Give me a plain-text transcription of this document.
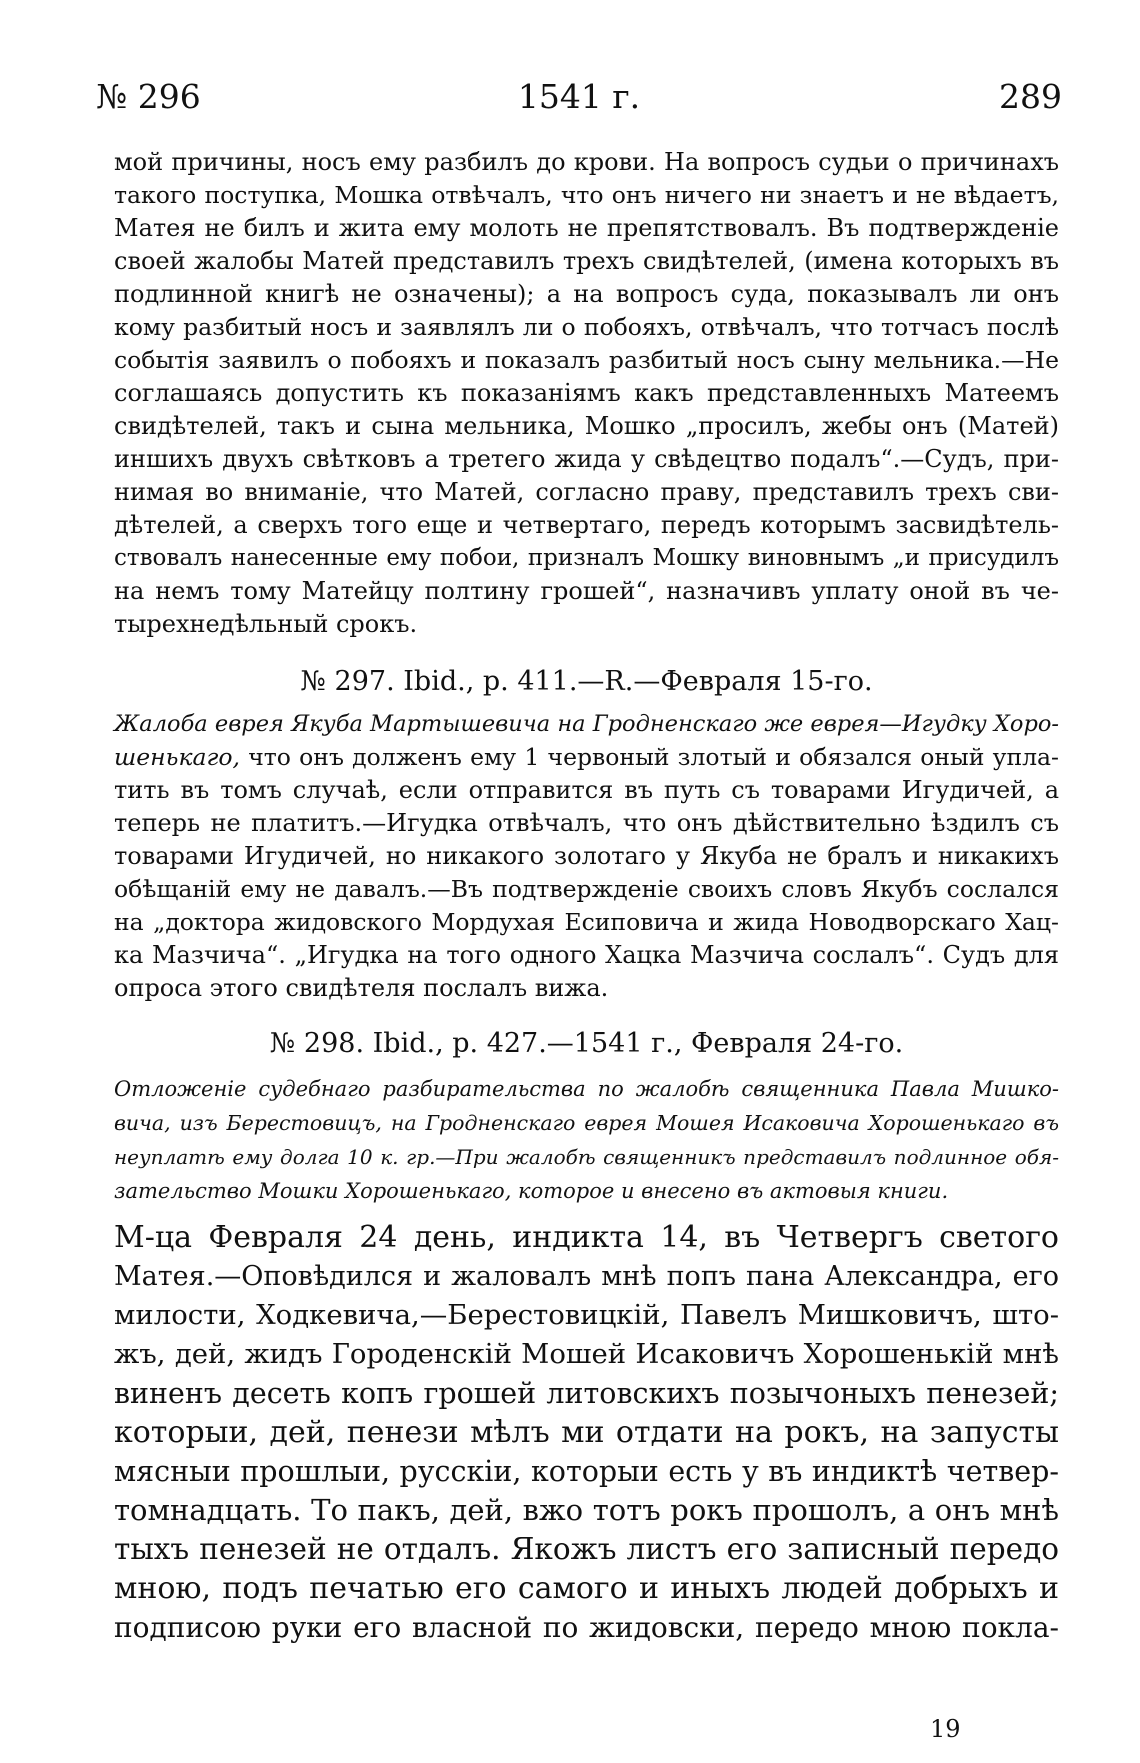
№ 296	1541 г.	289
мой причины, носъ ему разбилъ до крови. На вопросъ судьи о причинахъ
такого поступка, Мошка отвѣчалъ, что онъ ничего ни знаетъ и не вѣдаетъ,
Матея не билъ и жита ему молоть не препятствовалъ. Въ подтвержденіе
своей жалобы Матей представилъ трехъ свидѣтелей, (имена которыхъ въ
подлинной книгѣ не означены); а на вопросъ суда, показывалъ ли онъ
кому разбитый носъ и заявлялъ ли о побояхъ, отвѣчалъ, что тотчасъ послѣ
событія заявилъ о побояхъ и показалъ разбитый носъ сыну мельника.—Не
соглашаясь допустить къ показаніямъ какъ представленныхъ Матеемъ
свидѣтелей, такъ и сына мельника, Мошко „просилъ, жебы онъ (Матей)
иншихъ двухъ свѣтковъ а третего жида у свѣдецтво подалъ“.—Судъ, при-
нимая во вниманіе, что Матей, согласно праву, представилъ трехъ сви-
дѣтелей, а сверхъ того еще и четвертаго, передъ которымъ засвидѣтель-
ствовалъ нанесенные ему побои, призналъ Мошку виновнымъ „и присудилъ
на немъ тому Матейцу полтину грошей“, назначивъ уплату оной въ че-
тырехнедѣльный срокъ.
№ 297. Ibid., p. 411.—R.—Февраля 15-го.
Жалоба еврея Якуба Мартышевича на Гродненскаго же еврея—Игудку Хоро-
шенькаго, что онъ долженъ ему 1 червоный злотый и обязался оный упла-
тить въ томъ случаѣ, если отправится въ путь съ товарами Игудичей, а
теперь не платитъ.—Игудка отвѣчалъ, что онъ дѣйствительно ѣздилъ съ
товарами Игудичей, но никакого золотаго у Якуба не бралъ и никакихъ
обѣщаній ему не давалъ.—Въ подтвержденіе своихъ словъ Якубъ сослался
на „доктора жидовского Мордухая Есиповича и жида Новодворскаго Хац-
ка Мазчича“. „Игудка на того одного Хацка Мазчича сослалъ“. Судъ для
опроса этого свидѣтеля послалъ вижа.
№ 298. Ibid., p. 427.—1541 г., Февраля 24-го.
Отложеніе судебнаго разбирательства по жалобѣ священника Павла Мишко-
вича, изъ Берестовицъ, на Гродненскаго еврея Мошея Исаковича Хорошенькаго въ
неуплатѣ ему долга 10 к. гр.—При жалобѣ священникъ представилъ подлинное обя-
зательство Мошки Хорошенькаго, которое и внесено въ актовыя книги.
М-ца Февраля 24 день, индикта 14, въ Четвергъ светого
Матея.—Оповѣдился и жаловалъ мнѣ попъ пана Александра, его
милости, Ходкевича,—Берестовицкій, Павелъ Мишковичъ, што-
жъ, дей, жидъ Городенскій Мошей Исаковичъ Хорошенькій мнѣ
виненъ десеть копъ грошей литовскихъ позычоныхъ пенезей;
которыи, дей, пенези мѣлъ ми отдати на рокъ, на запусты
мясныи прошлыи, русскіи, которыи есть у въ индиктѣ четвер-
томнадцать. То пакъ, дей, вжо тотъ рокъ прошолъ, а онъ мнѣ
тыхъ пенезей не отдалъ. Якожъ листъ его записный передо
мною, подъ печатью его самого и иныхъ людей добрыхъ и
подписою руки его власной по жидовски, передо мною покла-
19
